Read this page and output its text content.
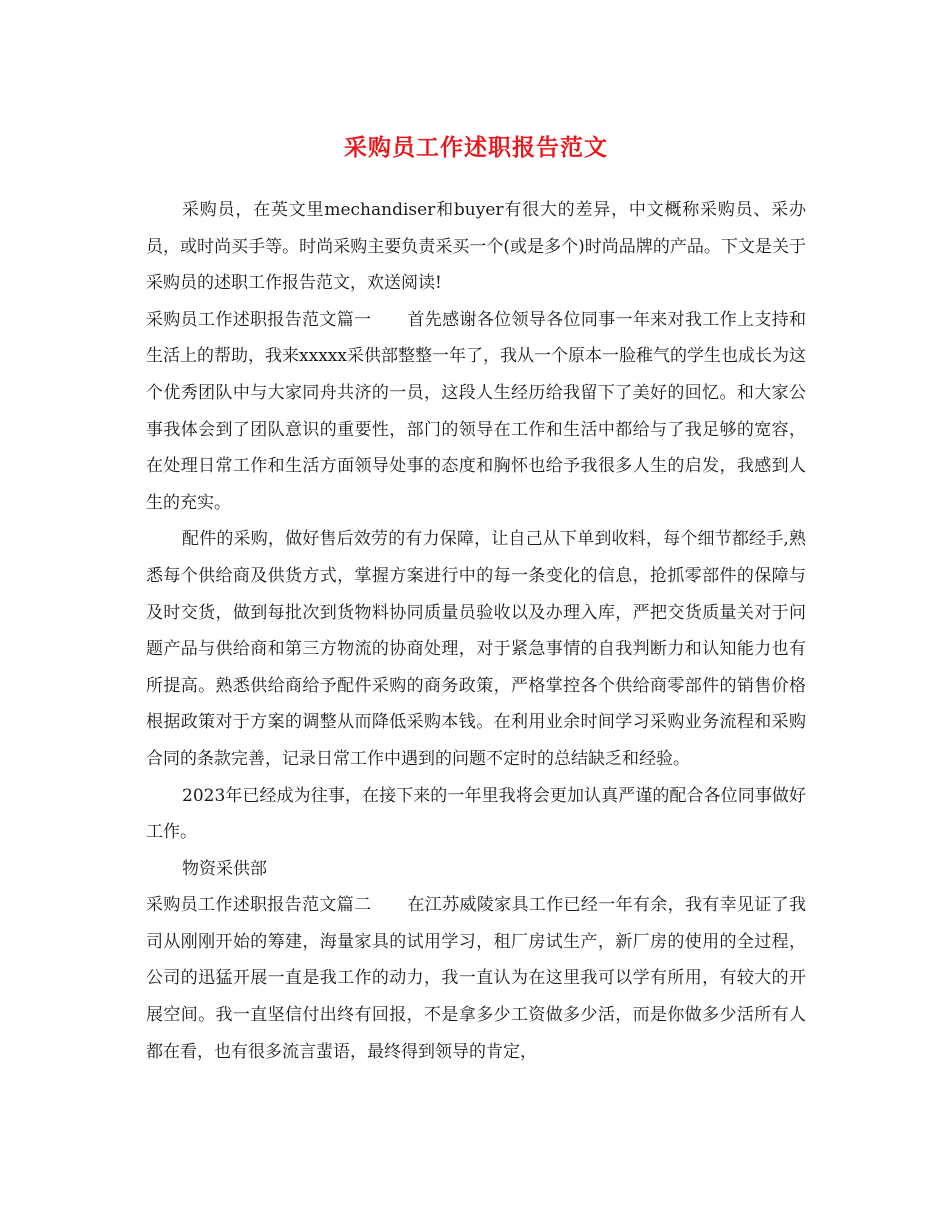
采购员工作述职报告范文

采购员，在英文里mechandiser和buyer有很大的差异，中文概称采购员、采办员，或时尚买手等。时尚采购主要负责采买一个(或是多个)时尚品牌的产品。下文是关于采购员的述职工作报告范文，欢送阅读!

采购员工作述职报告范文篇一 首先感谢各位领导各位同事一年来对我工作上支持和生活上的帮助，我来xxxxx采供部整整一年了，我从一个原本一脸稚气的学生也成长为这个优秀团队中与大家同舟共济的一员，这段人生经历给我留下了美好的回忆。和大家公事我体会到了团队意识的重要性，部门的领导在工作和生活中都给与了我足够的宽容，在处理日常工作和生活方面领导处事的态度和胸怀也给予我很多人生的启发，我感到人生的充实。

配件的采购，做好售后效劳的有力保障，让自己从下单到收料，每个细节都经手,熟悉每个供给商及供货方式，掌握方案进行中的每一条变化的信息，抢抓零部件的保障与及时交货，做到每批次到货物料协同质量员验收以及办理入库，严把交货质量关对于问题产品与供给商和第三方物流的协商处理，对于紧急事情的自我判断力和认知能力也有所提高。熟悉供给商给予配件采购的商务政策，严格掌控各个供给商零部件的销售价格根据政策对于方案的调整从而降低采购本钱。在利用业余时间学习采购业务流程和采购合同的条款完善，记录日常工作中遇到的问题不定时的总结缺乏和经验。

2023年已经成为往事，在接下来的一年里我将会更加认真严谨的配合各位同事做好工作。

物资采供部

采购员工作述职报告范文篇二 在江苏威陵家具工作已经一年有余，我有幸见证了我司从刚刚开始的筹建，海量家具的试用学习，租厂房试生产，新厂房的使用的全过程，公司的迅猛开展一直是我工作的动力，我一直认为在这里我可以学有所用，有较大的开展空间。我一直坚信付出终有回报，不是拿多少工资做多少活，而是你做多少活所有人都在看，也有很多流言蜚语，最终得到领导的肯定，
